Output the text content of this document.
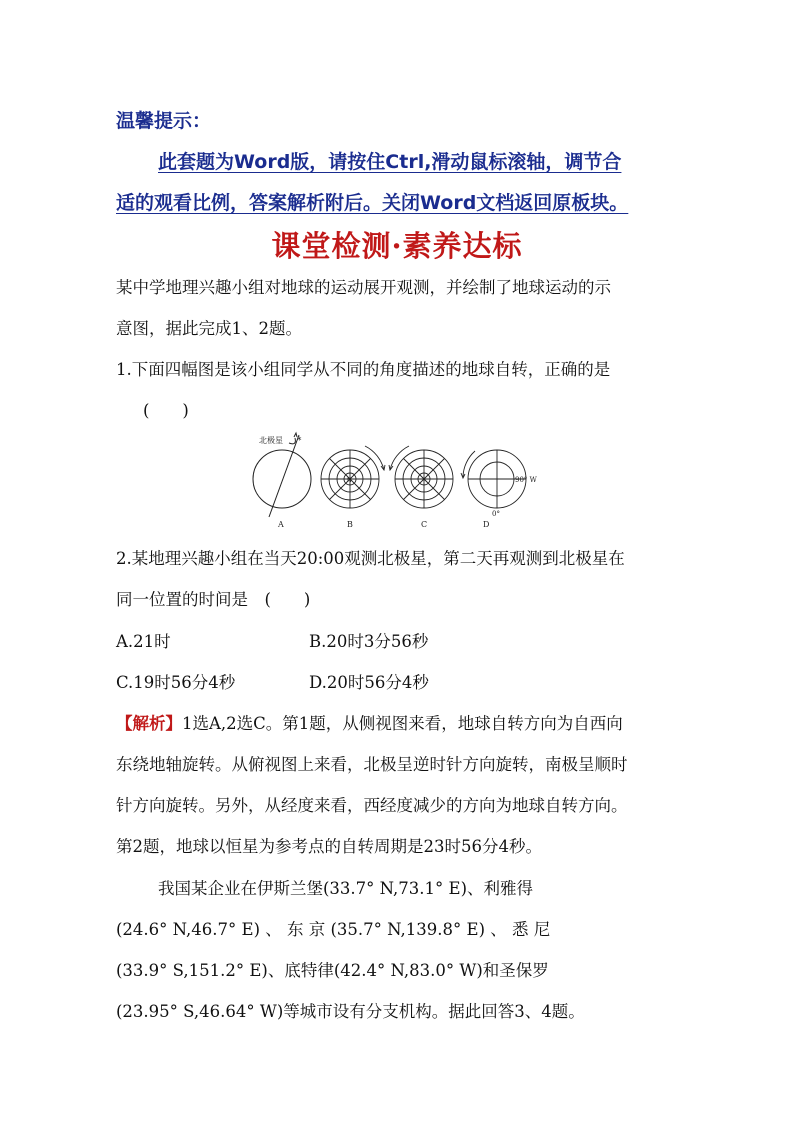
温馨提示：
此套题为Word版，请按住Ctrl,滑动鼠标滚轴，调节合
适的观看比例，答案解析附后。关闭Word文档返回原板块。
课堂检测·素养达标
某中学地理兴趣小组对地球的运动展开观测，并绘制了地球运动的示
意图，据此完成1、2题。
1.下面四幅图是该小组同学从不同的角度描述的地球自转，正确的是
(　　)
北极星 *
N	90° W
0°
A	B	C	D
2.某地理兴趣小组在当天20:00观测北极星，第二天再观测到北极星在
同一位置的时间是　(　　)
A.21时	B.20时3分56秒
C.19时56分4秒	D.20时56分4秒
【解析】1选A,2选C。第1题，从侧视图来看，地球自转方向为自西向
东绕地轴旋转。从俯视图上来看，北极呈逆时针方向旋转，南极呈顺时
针方向旋转。另外，从经度来看，西经度减少的方向为地球自转方向。
第2题，地球以恒星为参考点的自转周期是23时56分4秒。
我国某企业在伊斯兰堡(33.7° N,73.1° E)、利雅得
(24.6° N,46.7° E) 、 东 京 (35.7° N,139.8° E) 、 悉 尼
(33.9° S,151.2° E)、底特律(42.4° N,83.0° W)和圣保罗
(23.95° S,46.64° W)等城市设有分支机构。据此回答3、4题。
